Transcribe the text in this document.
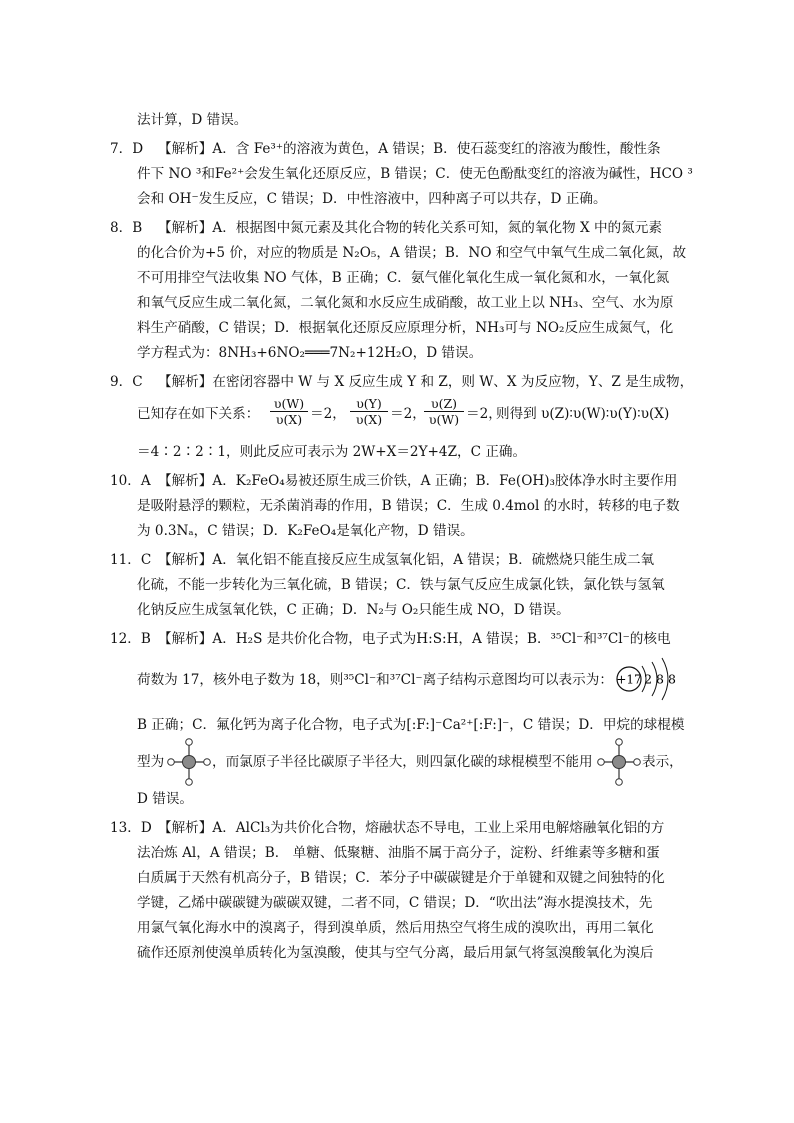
法计算，D 错误。
7．D 【解析】A．含 Fe³⁺的溶液为黄色，A 错误；B．使石蕊变红的溶液为酸性，酸性条
件下 NO ³和Fe²⁺会发生氧化还原反应，B 错误；C．使无色酚酞变红的溶液为碱性，HCO ³
会和 OH⁻发生反应，C 错误；D．中性溶液中，四种离子可以共存，D 正确。
8．B 【解析】A．根据图中氮元素及其化合物的转化关系可知，氮的氧化物 X 中的氮元素
的化合价为+5 价，对应的物质是 N₂O₅，A 错误；B．NO 和空气中氧气生成二氧化氮，故
不可用排空气法收集 NO 气体，B 正确；C．氨气催化氧化生成一氧化氮和水，一氧化氮
和氧气反应生成二氧化氮，二氧化氮和水反应生成硝酸，故工业上以 NH₃、空气、水为原
料生产硝酸，C 错误；D．根据氧化还原反应原理分析，NH₃可与 NO₂反应生成氮气，化
学方程式为：8NH₃+6NO₂═══7N₂+12H₂O，D 错误。
9．C 【解析】在密闭容器中 W 与 X 反应生成 Y 和 Z，则 W、X 为反应物，Y、Z 是生成物，
已知存在如下关系： $\frac{\upsilon(W)}{\upsilon(X)} =2$， $\frac{\upsilon(Y)}{\upsilon(X)} =2$，
$\frac{\upsilon(Z)}{\upsilon(W)} =2$，
则得到 υ(Z)∶υ(W)∶υ(Y)∶υ(X)
＝4∶2∶2∶1，则此反应可表示为 2W+X＝2Y+4Z，C 正确。
10．A 【解析】A．K₂FeO₄易被还原生成三价铁，A 正确；B．Fe(OH)₃胶体净水时主要作用
是吸附悬浮的颗粒，无杀菌消毒的作用，B 错误；C．生成 0.4mol 的水时，转移的电子数
为 0.3Nₐ，C 错误；D．K₂FeO₄是氧化产物，D 错误。
11．C 【解析】A．氧化铝不能直接反应生成氢氧化铝，A 错误；B．硫燃烧只能生成二氧
化硫，不能一步转化为三氧化硫，B 错误；C．铁与氯气反应生成氯化铁，氯化铁与氢氧
化钠反应生成氢氧化铁，C 正确；D．N₂与 O₂只能生成 NO，D 错误。
12．B 【解析】A．H₂S 是共价化合物，电子式为H:S:H，A 错误；B．³⁵Cl⁻和³⁷Cl⁻的核电
荷数为 17，核外电子数为 18，则³⁵Cl⁻和³⁷Cl⁻离子结构示意图均可以表示为： +17 2 8 8
B 正确；C．氟化钙为离子化合物，电子式为[:F:]⁻Ca²⁺[:F:]⁻，C 错误；D．甲烷的球棍模
型为	，而氯原子半径比碳原子半径大，则四氯化碳的球棍模型不能用	表示，
D 错误。
13．D 【解析】A．AlCl₃为共价化合物，熔融状态不导电，工业上采用电解熔融氧化铝的方
法冶炼 Al，A 错误；B． 单糖、低聚糖、油脂不属于高分子，淀粉、纤维素等多糖和蛋
白质属于天然有机高分子，B 错误；C．苯分子中碳碳键是介于单键和双键之间独特的化
学键，乙烯中碳碳键为碳碳双键，二者不同，C 错误；D．“吹出法”海水提溴技术，先
用氯气氧化海水中的溴离子，得到溴单质，然后用热空气将生成的溴吹出，再用二氧化
硫作还原剂使溴单质转化为氢溴酸，使其与空气分离，最后用氯气将氢溴酸氧化为溴后
